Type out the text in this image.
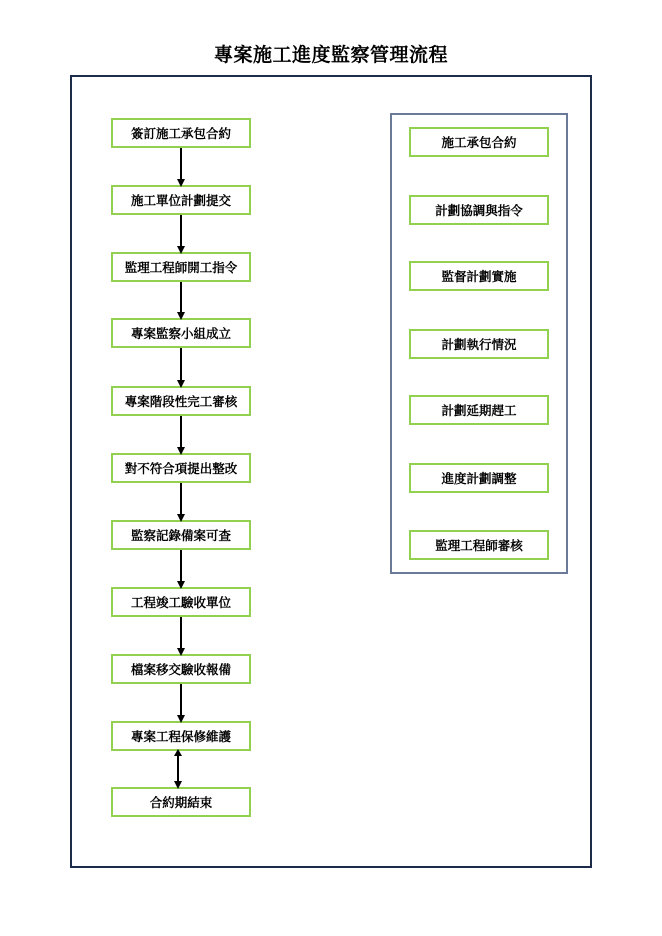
專案施工進度監察管理流程
簽訂施工承包合約
施工單位計劃提交
監理工程師開工指令
專案監察小組成立
專案階段性完工審核
對不符合項提出整改
監察記錄備案可查
工程竣工驗收單位
檔案移交驗收報備
專案工程保修維護
合約期結束
施工承包合約
計劃協調與指令
監督計劃實施
計劃執行情況
計劃延期趕工
進度計劃調整
監理工程師審核
